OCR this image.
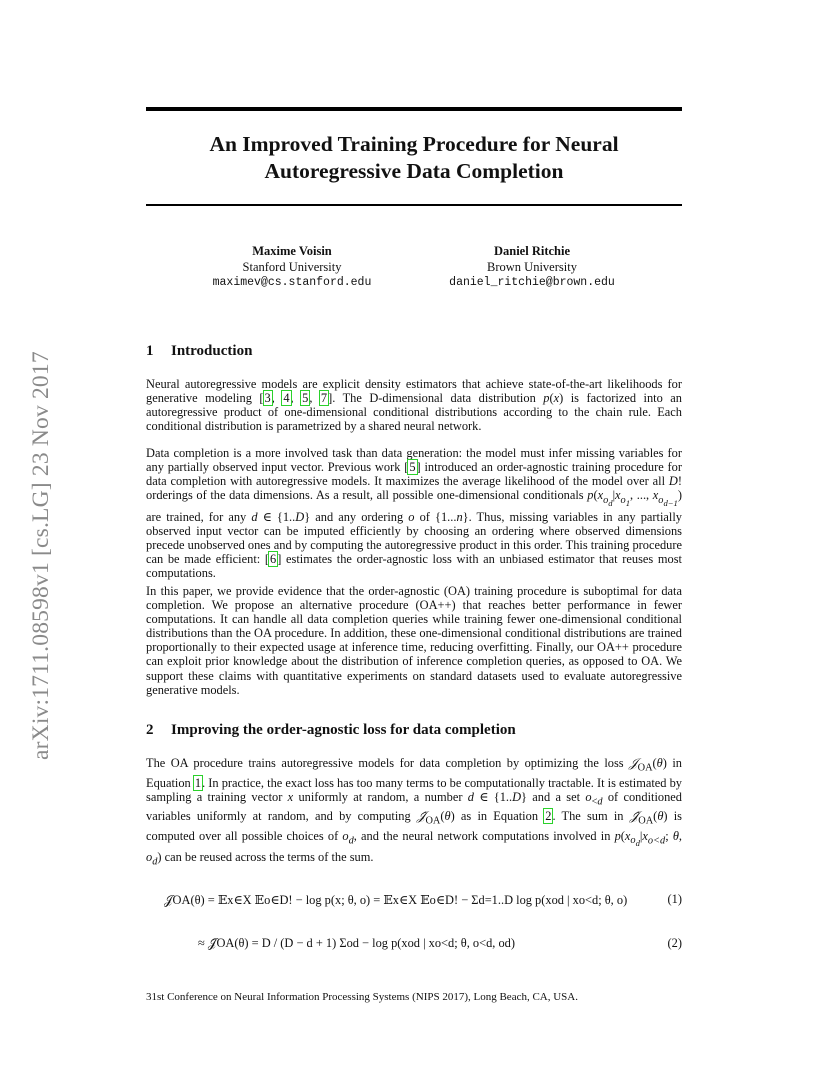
arXiv:1711.08598v1 [cs.LG] 23 Nov 2017
An Improved Training Procedure for Neural
Autoregressive Data Completion
Maxime Voisin
Stanford University
maximev@cs.stanford.edu
Daniel Ritchie
Brown University
daniel_ritchie@brown.edu
1 Introduction
Neural autoregressive models are explicit density estimators that achieve state-of-the-art likelihoods for generative modeling [3, 4, 5, 7]. The D-dimensional data distribution p(x) is factorized into an autoregressive product of one-dimensional conditional distributions according to the chain rule. Each conditional distribution is parametrized by a shared neural network.
Data completion is a more involved task than data generation: the model must infer missing variables for any partially observed input vector. Previous work [5] introduced an order-agnostic training procedure for data completion with autoregressive models. It maximizes the average likelihood of the model over all D! orderings of the data dimensions. As a result, all possible one-dimensional conditionals $p(x_{o_d}|x_{o_1}$, ..., $x_{o_{d-1}}$) are trained, for any d ∈ {1..D} and any ordering o of {1...n}. Thus, missing variables in any partially observed input vector can be imputed efficiently by choosing an ordering where observed dimensions precede unobserved ones and by computing the autoregressive product in this order. This training procedure can be made efficient: [6] estimates the order-agnostic loss with an unbiased estimator that reuses most computations.
In this paper, we provide evidence that the order-agnostic (OA) training procedure is suboptimal for data completion. We propose an alternative procedure (OA++) that reaches better performance in fewer computations. It can handle all data completion queries while training fewer one-dimensional conditional distributions than the OA procedure. In addition, these one-dimensional conditional distributions are trained proportionally to their expected usage at inference time, reducing overfitting. Finally, our OA++ procedure can exploit prior knowledge about the distribution of inference completion queries, as opposed to OA. We support these claims with quantitative experiments on standard datasets used to evaluate autoregressive generative models.
2 Improving the order-agnostic loss for data completion
The OA procedure trains autoregressive models for data completion by optimizing the loss 𝒥$_{OA}$(θ) in Equation 1. In practice, the exact loss has too many terms to be computationally tractable. It is estimated by sampling a training vector x uniformly at random, a number d ∈ {1..D} and a set $o_{<d}$ of conditioned variables uniformly at random, and by computing $𝒥̂_{OA}(\theta)$ as in Equation 2. The sum in $𝒥̂_{OA}(\theta)$ is computed over all possible choices of $o_d$, and the neural network computations involved in $p(x_{o_d}|x_{o<d}$; θ, $o_d$) can be reused across the terms of the sum.
𝒥OA(θ) = 𝔼x∈X 𝔼o∈D! − log p(x; θ, o) = 𝔼x∈X 𝔼o∈D! − Σd=1..D log p(xod | xo<d; θ, o)	(1)
≈ 𝒥̂OA(θ) = D / (D − d + 1) Σod − log p(xod | xo<d; θ, o<d, od)	(2)
31st Conference on Neural Information Processing Systems (NIPS 2017), Long Beach, CA, USA.
